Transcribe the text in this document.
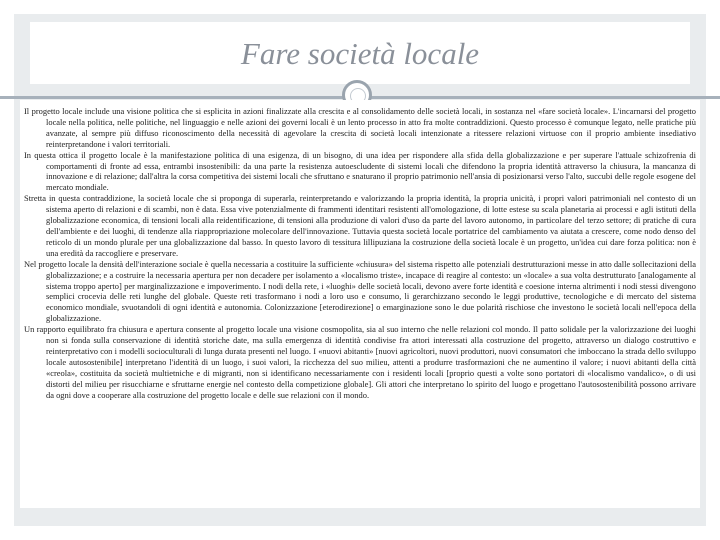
Fare società locale

Il progetto locale include una visione politica che si esplicita in azioni finalizzate alla crescita e al consolidamento delle società locali, in sostanza nel «fare società locale». L'incarnarsi del progetto locale nella politica, nelle politiche, nel linguaggio e nelle azioni dei governi locali è un lento processo in atto fra molte contraddizioni. Questo processo è comunque legato, nelle pratiche più avanzate, al sempre più diffuso riconoscimento della necessità di agevolare la crescita di società locali intenzionate a ritessere relazioni virtuose con il proprio ambiente insediativo reinterpretandone i valori territoriali.

In questa ottica il progetto locale è la manifestazione politica di una esigenza, di un bisogno, di una idea per rispondere alla sfida della globalizzazione e per superare l'attuale schizofrenia di comportamenti di fronte ad essa, entrambi insostenibili: da una parte la resistenza autoescludente di sistemi locali che difendono la propria identità attraverso la chiusura, la mancanza di innovazione e di relazione; dall'altra la corsa competitiva dei sistemi locali che sfruttano e snaturano il proprio patrimonio nell'ansia di posizionarsi verso l'alto, succubi delle regole esogene del mercato mondiale.

Stretta in questa contraddizione, la società locale che si proponga di superarla, reinterpretando e valorizzando la propria identità, la propria unicità, i propri valori patrimoniali nel contesto di un sistema aperto di relazioni e di scambi, non è data. Essa vive potenzialmente di frammenti identitari resistenti all'omologazione, di lotte estese su scala planetaria ai processi e agli istituti della globalizzazione economica, di tensioni locali alla reidentificazione, di tensioni alla produzione di valori d'uso da parte del lavoro autonomo, in particolare del terzo settore; di pratiche di cura dell'ambiente e dei luoghi, di tendenze alla riappropriazione molecolare dell'innovazione. Tuttavia questa società locale portatrice del cambiamento va aiutata a crescere, come nodo denso del reticolo di un mondo plurale per una globalizzazione dal basso. In questo lavoro di tessitura lillipuziana la costruzione della società locale è un progetto, un'idea cui dare forza politica: non è una eredità da raccogliere e preservare.

Nel progetto locale la densità dell'interazione sociale è quella necessaria a costituire la sufficiente «chiusura» del sistema rispetto alle potenziali destrutturazioni messe in atto dalle sollecitazioni della globalizzazione; e a costruire la necessaria apertura per non decadere per isolamento a «localismo triste», incapace di reagire al contesto: un «locale» a sua volta destrutturato [analogamente al sistema troppo aperto] per marginalizzazione e impoverimento. I nodi della rete, i «luoghi» delle società locali, devono avere forte identità e coesione interna altrimenti i nodi stessi divengono semplici crocevia delle reti lunghe del globale. Queste reti trasformano i nodi a loro uso e consumo, li gerarchizzano secondo le leggi produttive, tecnologiche e di mercato del sistema economico mondiale, svuotandoli di ogni identità e autonomia. Colonizzazione [eterodirezione] o emarginazione sono le due polarità rischiose che investono le società locali nell'epoca della globalizzazione.

Un rapporto equilibrato fra chiusura e apertura consente al progetto locale una visione cosmopolita, sia al suo interno che nelle relazioni col mondo. Il patto solidale per la valorizzazione dei luoghi non si fonda sulla conservazione di identità storiche date, ma sulla emergenza di identità condivise fra attori interessati alla costruzione del progetto, attraverso un dialogo costruttivo e reinterpretativo con i modelli socioculturali di lunga durata presenti nel luogo. I «nuovi abitanti» [nuovi agricoltori, nuovi produttori, nuovi consumatori che imboccano la strada dello sviluppo locale autosostenibile] interpretano l'identità di un luogo, i suoi valori, la ricchezza del suo milieu, attenti a produrre trasformazioni che ne aumentino il valore; i nuovi abitanti della città «creola», costituita da società multietniche e di migranti, non si identificano necessariamente con i residenti locali [proprio questi a volte sono portatori di «localismo vandalico», o di usi distorti del milieu per risucchiarne e sfruttarne energie nel contesto della competizione globale]. Gli attori che interpretano lo spirito del luogo e progettano l'autosostenibilità possono arrivare da ogni dove a cooperare alla costruzione del progetto locale e delle sue relazioni con il mondo.
